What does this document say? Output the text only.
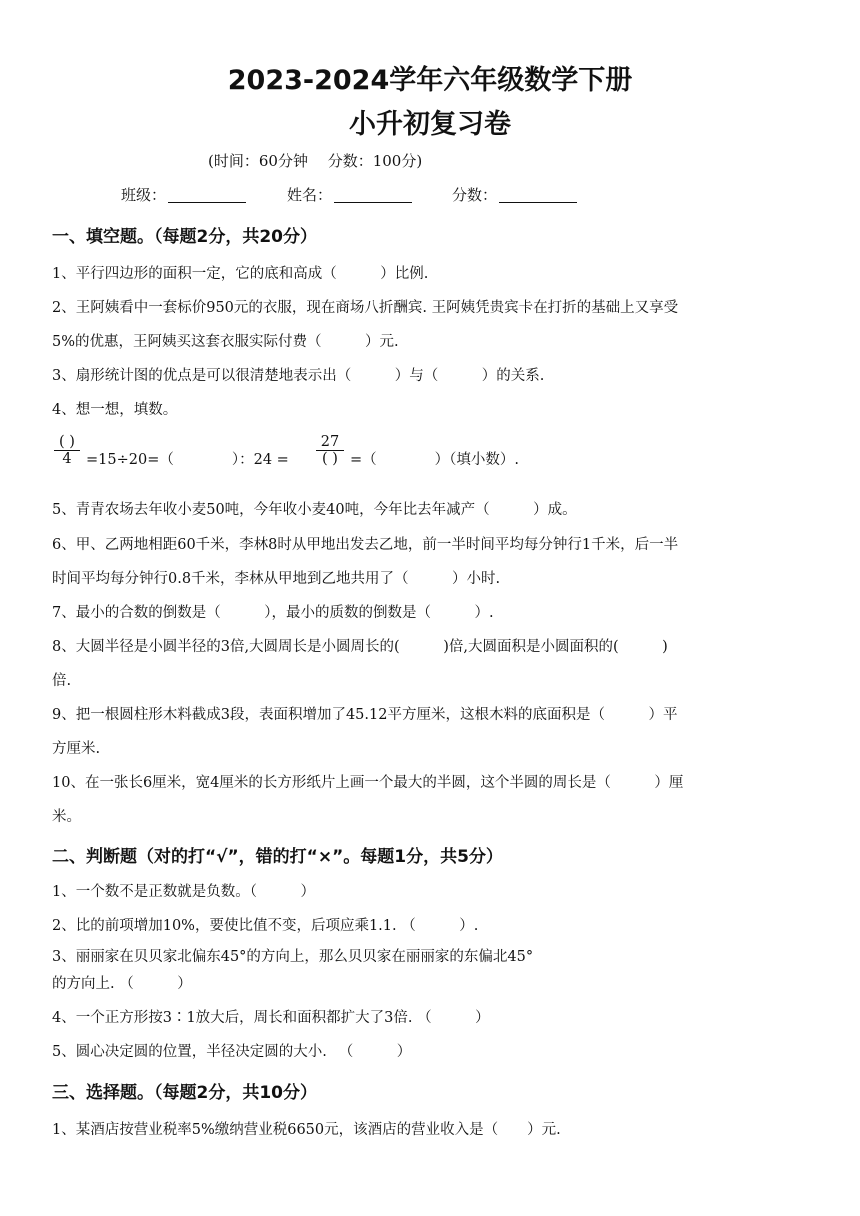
2023-2024学年六年级数学下册
小升初复习卷
(时间：60分钟 　分数：100分)
班级：	姓名：	分数：
一、填空题。（每题2分，共20分）
1、平行四边形的面积一定，它的底和高成（　　　）比例.
2、王阿姨看中一套标价950元的衣服，现在商场八折酬宾. 王阿姨凭贵宾卡在打折的基础上又享受
5%的优惠，王阿姨买这套衣服实际付费（　　　）元.
3、扇形统计图的优点是可以很清楚地表示出（　　　）与（　　　）的关系.
4、想一想，填数。
( )
4 =15÷20=（　　　　）：24 =
27
( ) =（　　　　）（填小数）.
5、青青农场去年收小麦50吨，今年收小麦40吨，今年比去年减产（　　　）成。
6、甲、乙两地相距60千米，李林8时从甲地出发去乙地，前一半时间平均每分钟行1千米，后一半
时间平均每分钟行0.8千米，李林从甲地到乙地共用了（　　　）小时.
7、最小的合数的倒数是（　　　），最小的质数的倒数是（　　　）.
8、大圆半径是小圆半径的3倍,大圆周长是小圆周长的(　　　)倍,大圆面积是小圆面积的(　　　)
倍.
9、把一根圆柱形木料截成3段，表面积增加了45.12平方厘米，这根木料的底面积是（　　　）平
方厘米.
10、在一张长6厘米，宽4厘米的长方形纸片上画一个最大的半圆，这个半圆的周长是（　　　）厘
米。
二、判断题（对的打“√”，错的打“×”。每题1分，共5分）
1、一个数不是正数就是负数。（　　　）
2、比的前项增加10%，要使比值不变，后项应乘1.1. （　　　）.
3、丽丽家在贝贝家北偏东45°的方向上，那么贝贝家在丽丽家的东偏北45°
的方向上. （　　　）
4、一个正方形按3∶1放大后，周长和面积都扩大了3倍. （　　　）
5、圆心决定圆的位置，半径决定圆的大小. 　（　　　）
三、选择题。（每题2分，共10分）
1、某酒店按营业税率5%缴纳营业税6650元，该酒店的营业收入是（　　）元.
